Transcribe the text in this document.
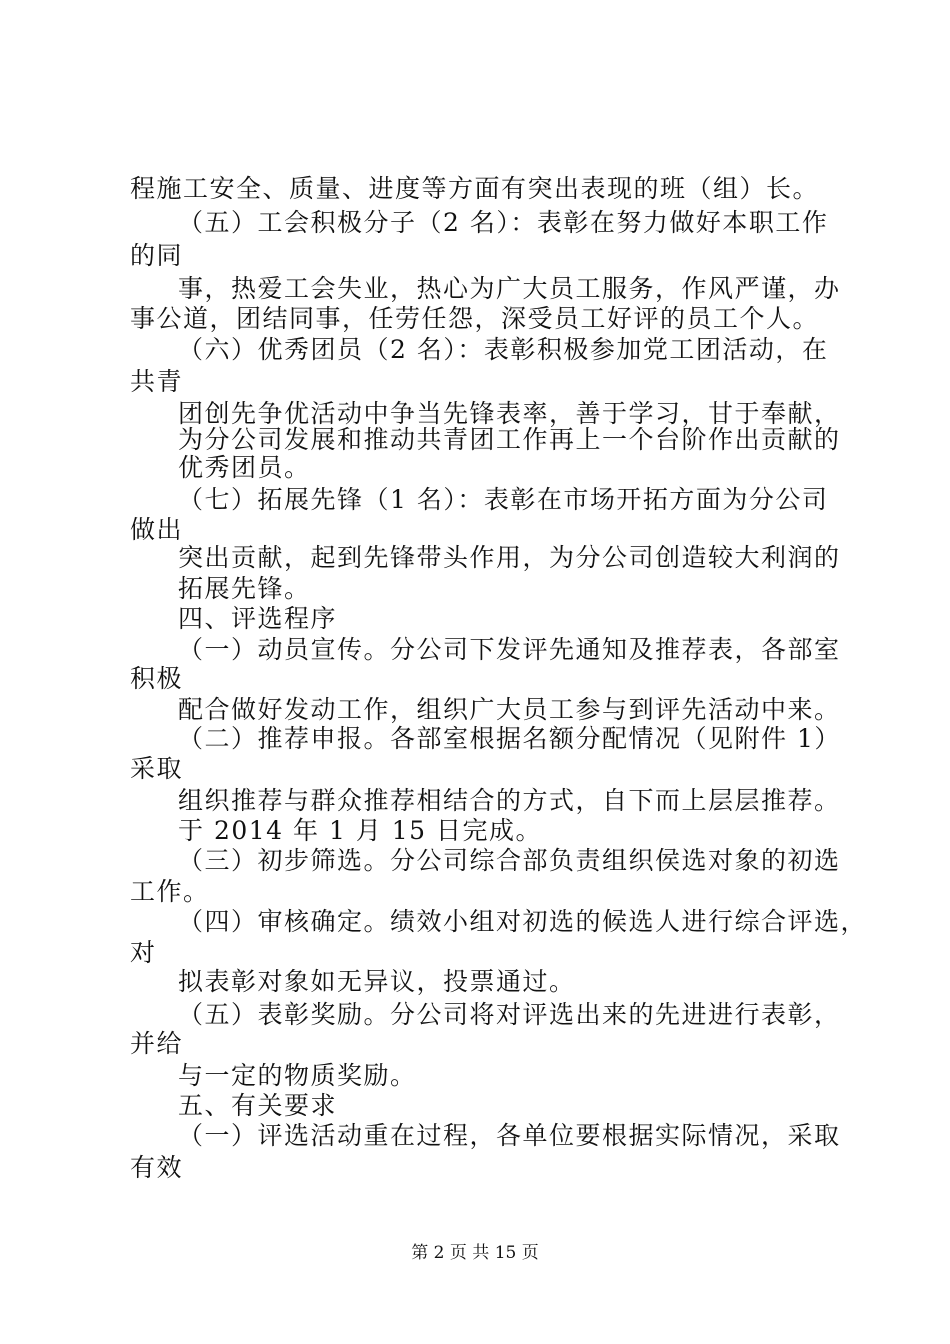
程施工安全、质量、进度等方面有突出表现的班（组）长。
（五）工会积极分子（2 名）：表彰在努力做好本职工作
的同
事，热爱工会失业，热心为广大员工服务，作风严谨，办
事公道，团结同事，任劳任怨，深受员工好评的员工个人。
（六）优秀团员（2 名）：表彰积极参加党工团活动，在
共青
团创先争优活动中争当先锋表率，善于学习，甘于奉献，
为分公司发展和推动共青团工作再上一个台阶作出贡献的
优秀团员。
（七）拓展先锋（1 名）：表彰在市场开拓方面为分公司
做出
突出贡献，起到先锋带头作用，为分公司创造较大利润的
拓展先锋。
四、评选程序
（一）动员宣传。分公司下发评先通知及推荐表，各部室
积极
配合做好发动工作，组织广大员工参与到评先活动中来。
（二）推荐申报。各部室根据名额分配情况（见附件 1）
采取
组织推荐与群众推荐相结合的方式，自下而上层层推荐。
于 2014 年 1 月 15 日完成。
（三）初步筛选。分公司综合部负责组织侯选对象的初选
工作。
（四）审核确定。绩效小组对初选的候选人进行综合评选，
对
拟表彰对象如无异议，投票通过。
（五）表彰奖励。分公司将对评选出来的先进进行表彰，
并给
与一定的物质奖励。
五、有关要求
（一）评选活动重在过程，各单位要根据实际情况，采取
有效
第 2 页 共 15 页
